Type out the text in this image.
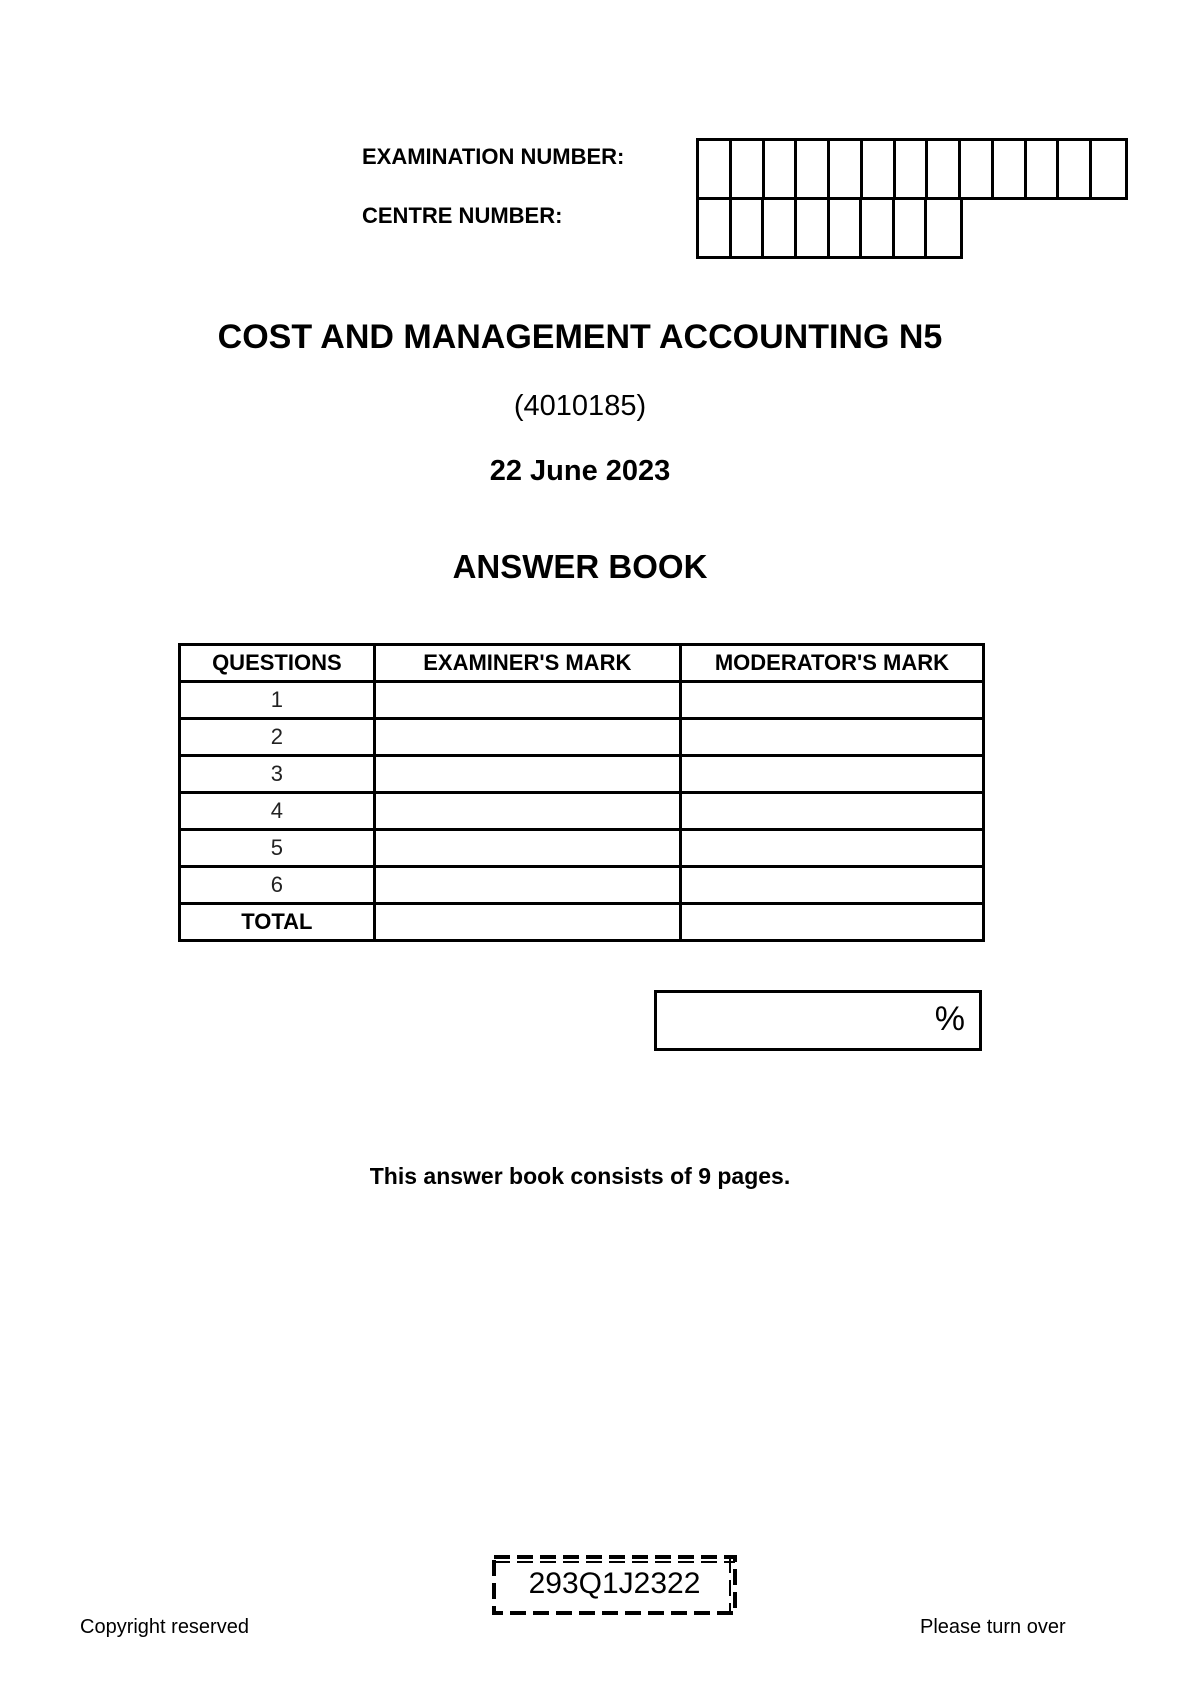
EXAMINATION NUMBER:
CENTRE NUMBER:
COST AND MANAGEMENT ACCOUNTING N5
(4010185)
22 June 2023
ANSWER BOOK
QUESTIONS	EXAMINER'S MARK	MODERATOR'S MARK
1		
2		
3		
4		
5		
6		
TOTAL		
%
This answer book consists of 9 pages.
293Q1J2322
Copyright reserved	Please turn over
